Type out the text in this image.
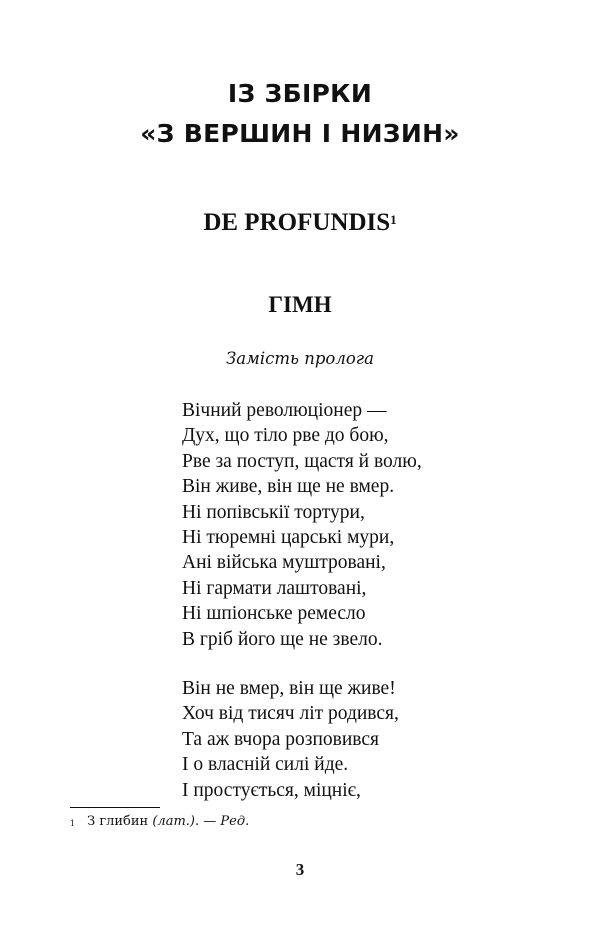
ІЗ ЗБІРКИ
«З ВЕРШИН І НИЗИН»
DE PROFUNDIS$^1$
ГІМН
Замість пролога
Вічний революціонер —
Дух, що тіло рве до бою,
Рве за поступ, щастя й волю,
Він живе, він ще не вмер.
Ні попівськії тортури,
Ні тюремні царські мури,
Ані війська муштровані,
Ні гармати лаштовані,
Ні шпіонське ремесло
В гріб його ще не звело.
Він не вмер, він ще живе!
Хоч від тисяч літ родився,
Та аж вчора розповився
І о власній силі йде.
І простується, міцніє,
$^1$ З глибин (лат.). — Ред.
3
